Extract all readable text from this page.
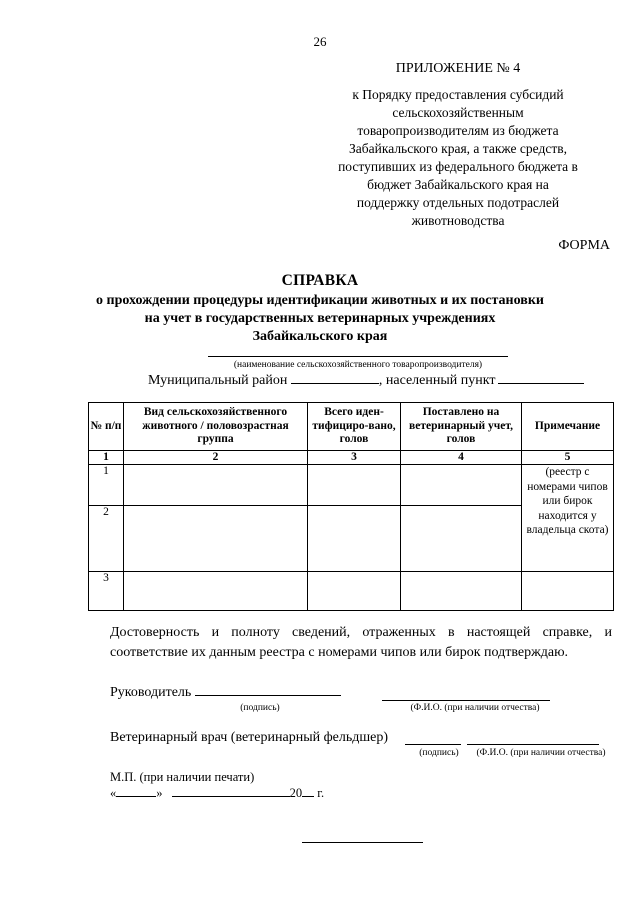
26
ПРИЛОЖЕНИЕ № 4
к Порядку предоставления субсидий
сельскохозяйственным
товаропроизводителям из бюджета
Забайкальского края, а также средств,
поступивших из федерального бюджета в
бюджет Забайкальского края на
поддержку отдельных подотраслей
животноводства
ФОРМА
СПРАВКА
о прохождении процедуры идентификации животных и их постановки
на учет в государственных ветеринарных учреждениях
Забайкальского края
(наименование сельскохозяйственного товаропроизводителя)
Муниципальный район	, населенный пункт
№ п/п	Вид сельскохозяйственного животного / половозрастная группа	Всего иден-тифициро-вано, голов	Поставлено на ветеринарный учет, голов	Примечание
1	2	3	4	5
1				(реестр с номерами чипов или бирок находится у владельца скота)
2				
3				
Достоверность и полноту сведений, отраженных в настоящей справке, и соответствие их данным реестра с номерами чипов или бирок подтверждаю.
Руководитель
(подпись)	(Ф.И.О. (при наличии отчества)
Ветеринарный врач (ветеринарный фельдшер)
(подпись)	(Ф.И.О. (при наличии отчества)
М.П. (при наличии печати)
«	»	20 г.
